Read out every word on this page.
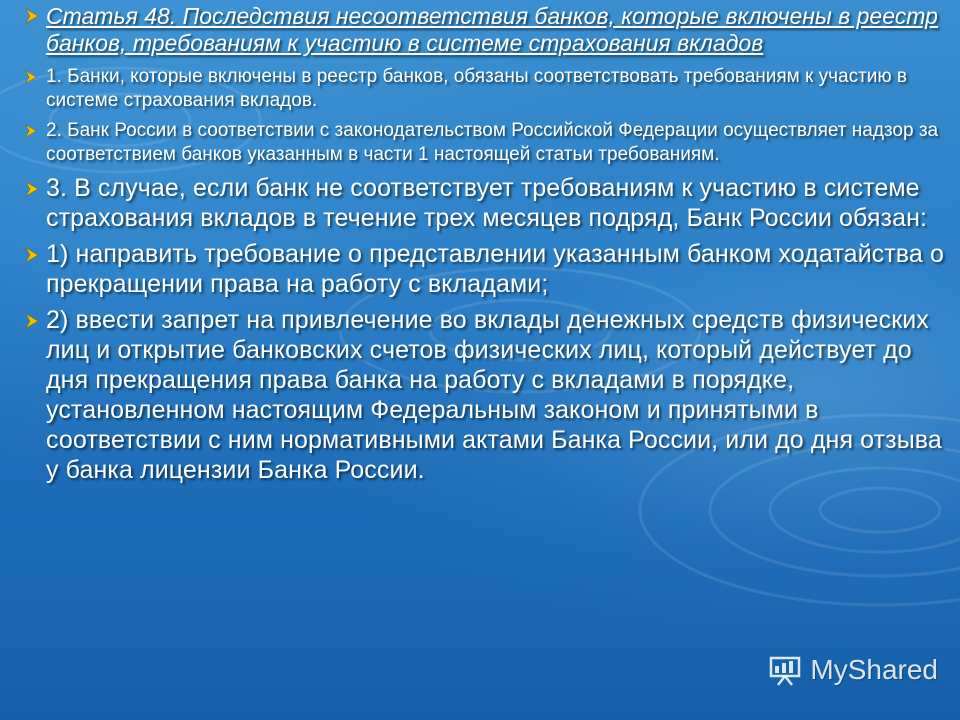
Статья 48. Последствия несоответствия банков, которые включены в реестр банков, требованиям к участию в системе страхования вкладов
1. Банки, которые включены в реестр банков, обязаны соответствовать требованиям к участию в системе страхования вкладов.
2. Банк России в соответствии с законодательством Российской Федерации осуществляет надзор за соответствием банков указанным в части 1 настоящей статьи требованиям.
3. В случае, если банк не соответствует требованиям к участию в системе страхования вкладов в течение трех месяцев подряд, Банк России обязан:
1) направить требование о представлении указанным банком ходатайства о прекращении права на работу с вкладами;
2) ввести запрет на привлечение во вклады денежных средств физических лиц и открытие банковских счетов физических лиц, который действует до дня прекращения права банка на работу с вкладами в порядке, установленном настоящим Федеральным законом и принятыми в соответствии с ним нормативными актами Банка России, или до дня отзыва у банка лицензии Банка России.
MyShared
